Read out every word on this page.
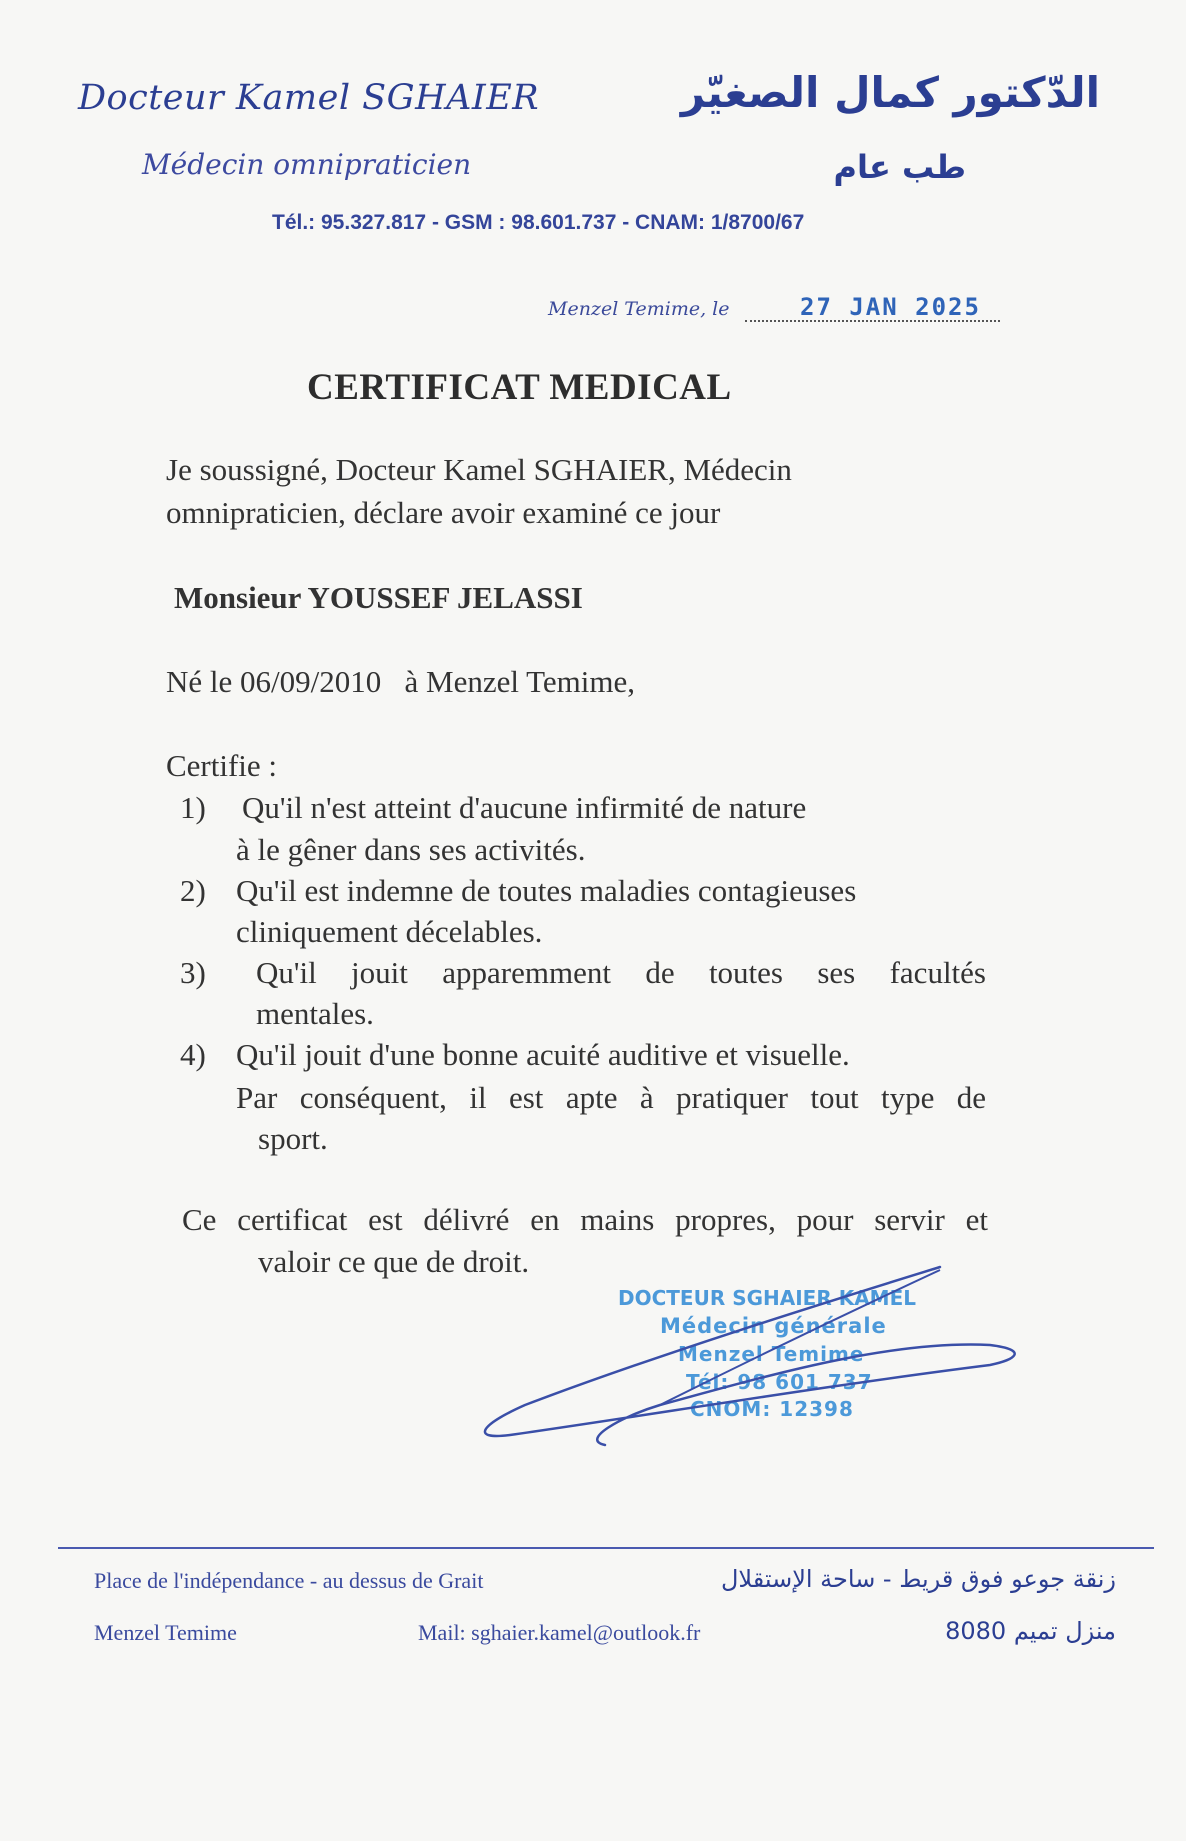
Docteur Kamel SGHAIER
Médecin omnipraticien
الدّكتور كمال الصغيّر
طب عام
Tél.: 95.327.817 - GSM : 98.601.737 - CNAM: 1/8700/67
Menzel Temime, le	27 JAN 2025
CERTIFICAT MEDICAL
Je soussigné, Docteur Kamel SGHAIER, Médecin
omnipraticien, déclare avoir examiné ce jour
Monsieur YOUSSEF JELASSI
Né le 06/09/2010   à Menzel Temime,
Certifie :
1) Qu'il n'est atteint d'aucune infirmité de nature
à le gêner dans ses activités.
2) Qu'il est indemne de toutes maladies contagieuses
cliniquement décelables.
3) Qu'il jouit apparemment de toutes ses facultés
mentales.
4) Qu'il jouit d'une bonne acuité auditive et visuelle.
Par conséquent, il est apte à pratiquer tout type de
sport.
Ce certificat est délivré en mains propres, pour servir et
valoir ce que de droit.
DOCTEUR SGHAIER KAMEL
Médecin générale
Menzel Temime
Tél: 98 601 737
CNOM: 12398
Place de l'indépendance - au dessus de Grait
Menzel Temime	Mail: sghaier.kamel@outlook.fr
زنقة جوعو فوق قريط - ساحة الإستقلال
منزل تميم 8080
